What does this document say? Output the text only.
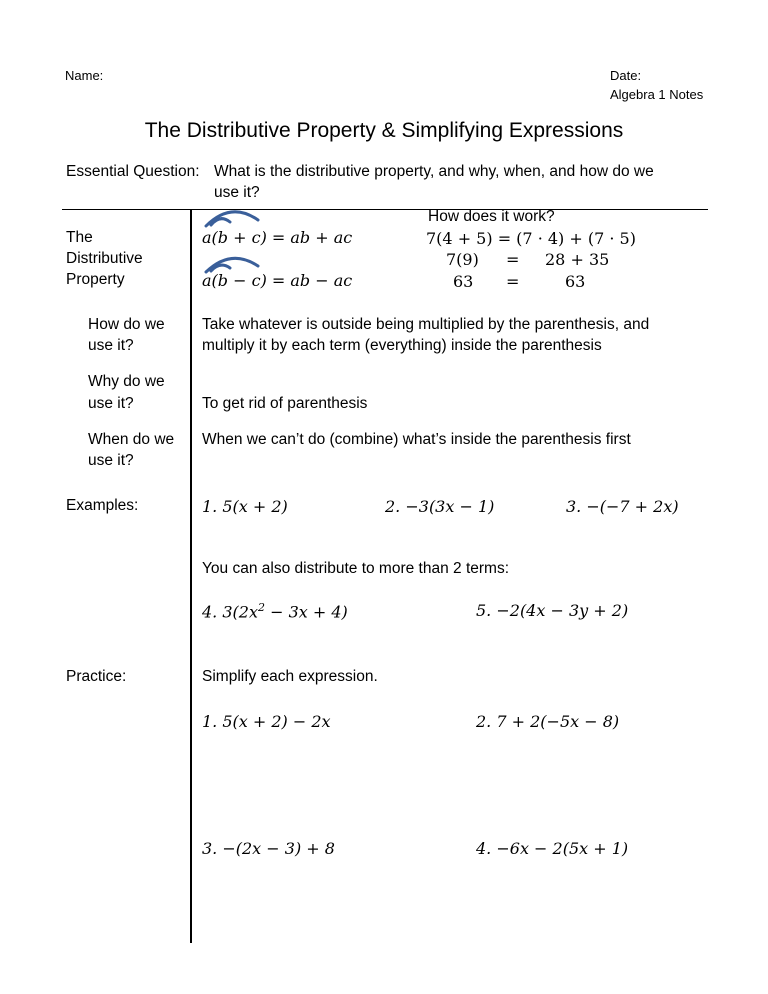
Name:	Date:
Algebra 1 Notes
The Distributive Property & Simplifying Expressions
Essential Question: What is the distributive property, and why, when, and how do we
use it?
The
Distributive
Property
a(b + c) = ab + ac
a(b − c) = ab − ac
How does it work?
7(4 + 5) = (7 · 4) + (7 · 5)
7(9) = 28 + 35
63 =	63
How do we
use it?
Take whatever is outside being multiplied by the parenthesis, and
multiply it by each term (everything) inside the parenthesis
Why do we
use it?	To get rid of parenthesis
When do we
use it?
When we can’t do (combine) what’s inside the parenthesis first
Examples:	1. 5(x + 2)	2. −3(3x − 1)	3. −(−7 + 2x)
You can also distribute to more than 2 terms:
4. $3(2x^2 - 3x + 4)$	5. −2(4x − 3y + 2)
Practice:	Simplify each expression.
1. 5(x + 2) − 2x	2. 7 + 2(−5x − 8)
3. −(2x − 3) + 8	4. −6x − 2(5x + 1)
